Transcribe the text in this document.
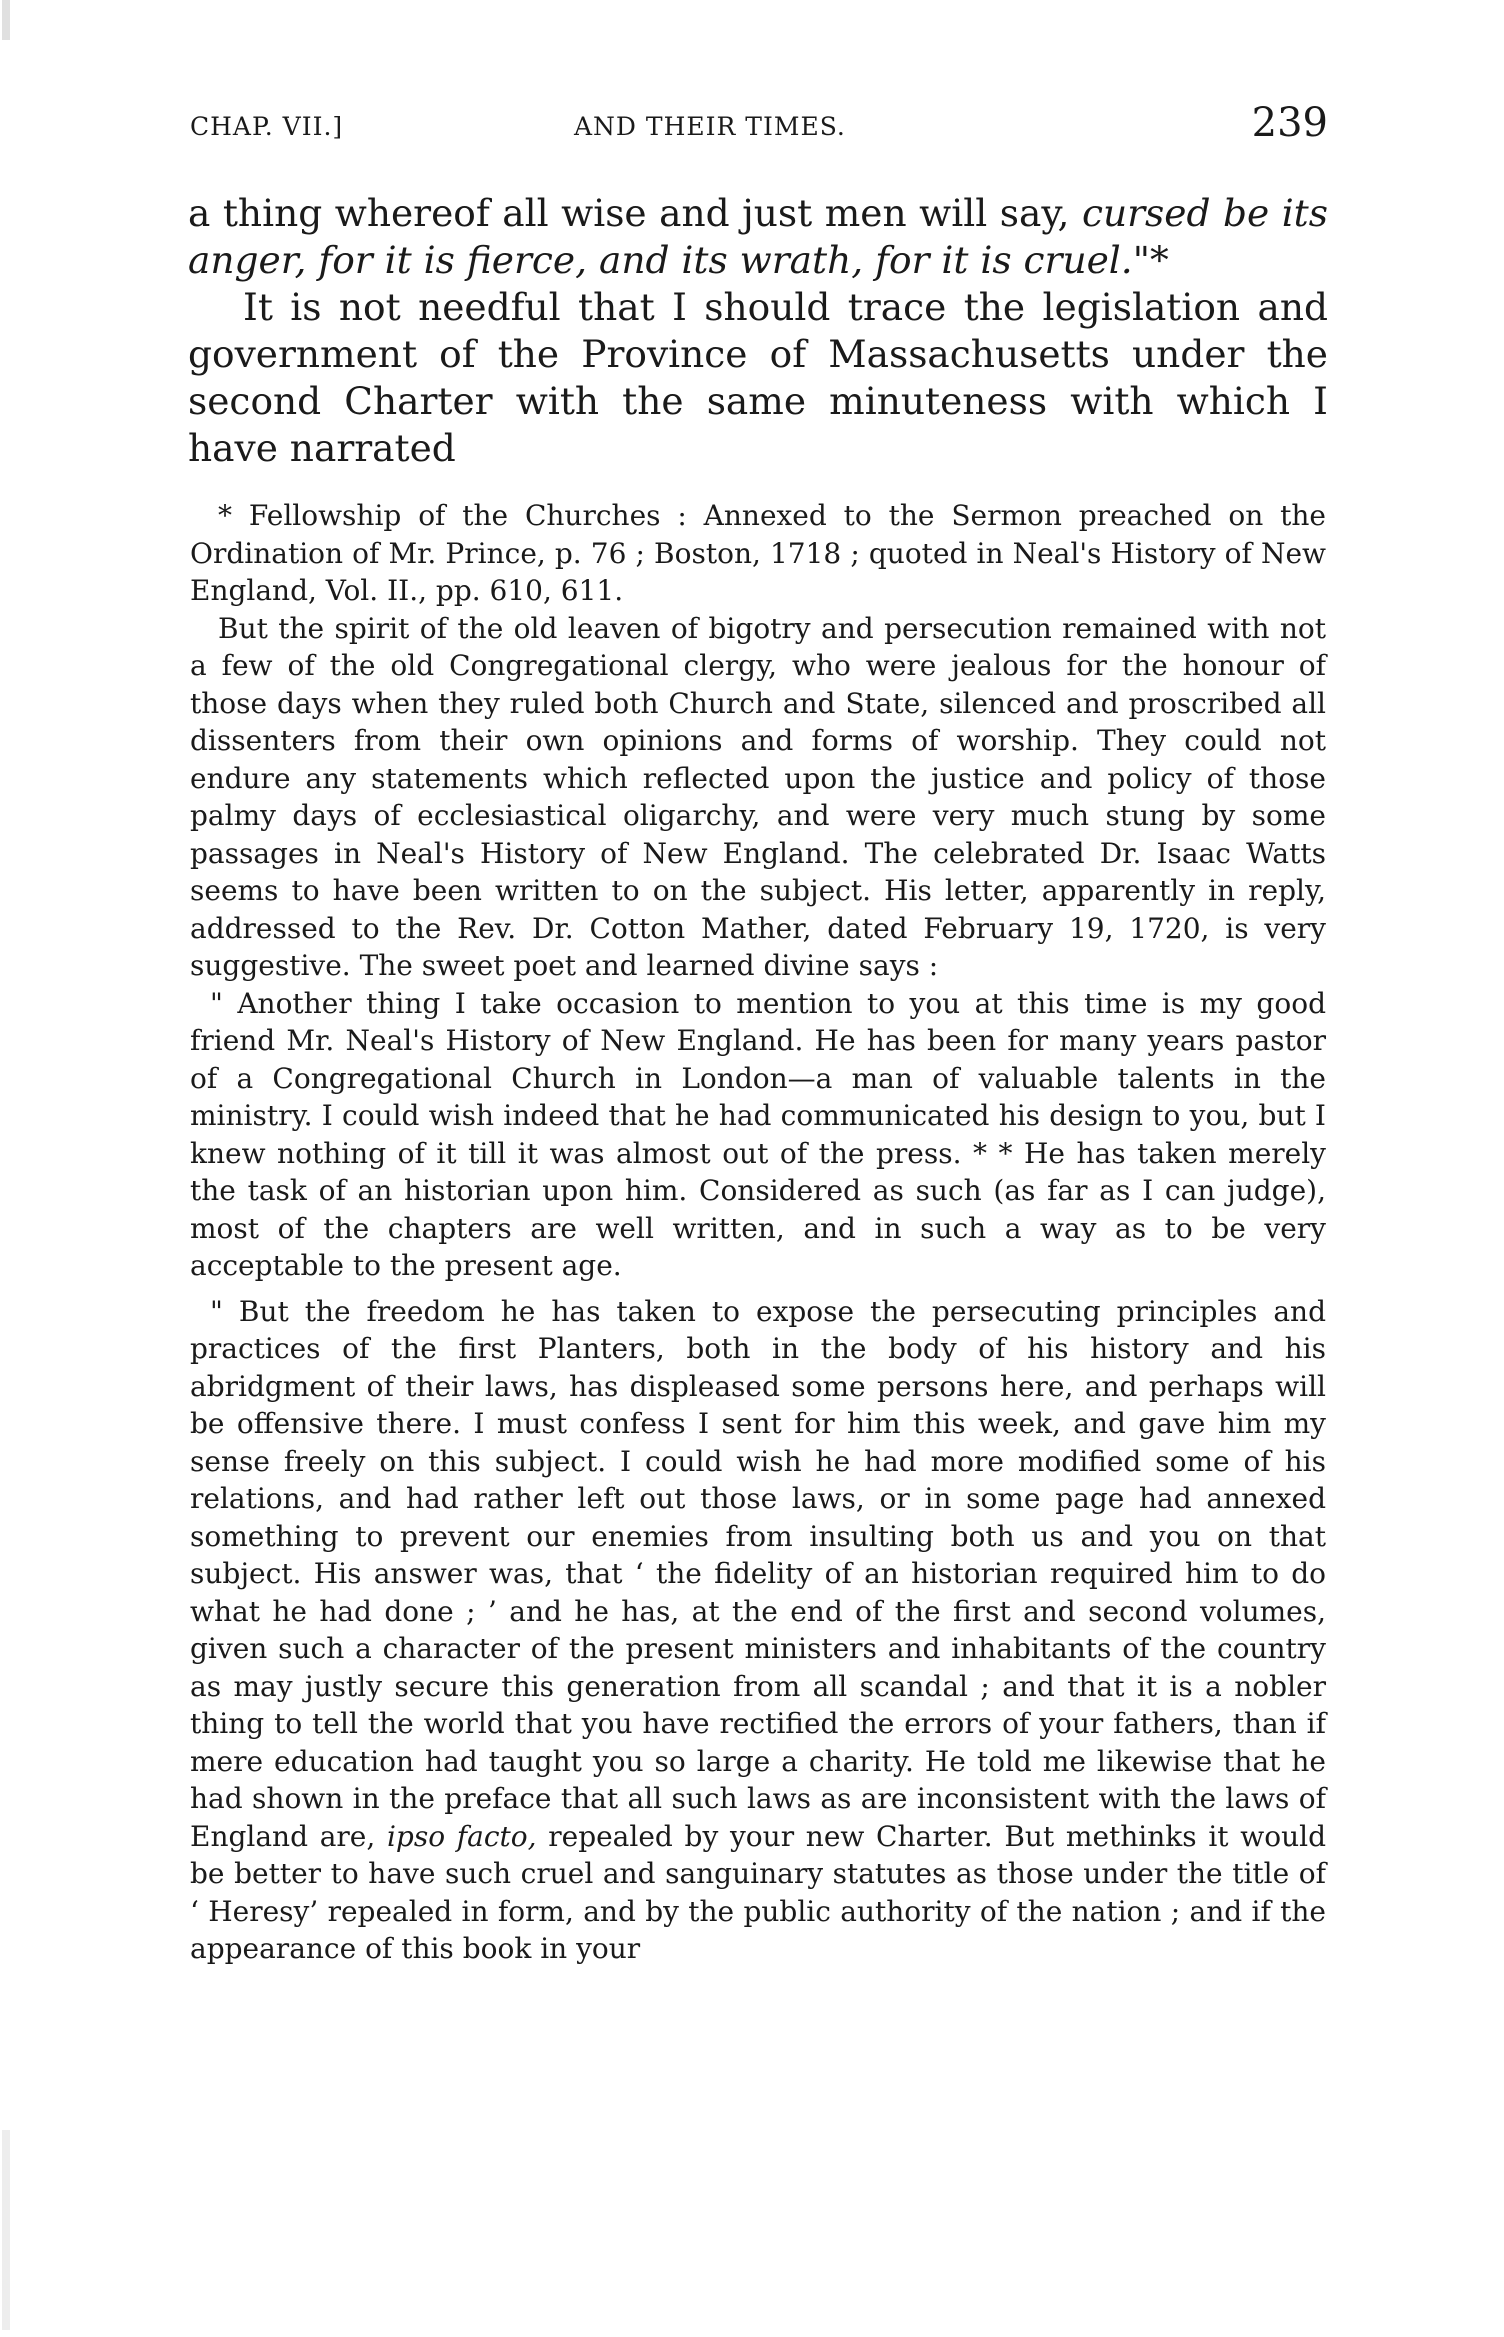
CHAP. VII.]	AND THEIR TIMES.	239

a thing whereof all wise and just men will say, cursed be its anger, for it is fierce, and its wrath, for it is cruel."*

It is not needful that I should trace the legislation and government of the Province of Massachusetts under the second Charter with the same minuteness with which I have narrated

* Fellowship of the Churches : Annexed to the Sermon preached on the Ordination of Mr. Prince, p. 76 ; Boston, 1718 ; quoted in Neal's History of New England, Vol. II., pp. 610, 611.

But the spirit of the old leaven of bigotry and persecution remained with not a few of the old Congregational clergy, who were jealous for the honour of those days when they ruled both Church and State, silenced and proscribed all dissenters from their own opinions and forms of worship. They could not endure any statements which reflected upon the justice and policy of those palmy days of ecclesiastical oligarchy, and were very much stung by some passages in Neal's History of New England. The celebrated Dr. Isaac Watts seems to have been written to on the subject. His letter, apparently in reply, addressed to the Rev. Dr. Cotton Mather, dated February 19, 1720, is very suggestive. The sweet poet and learned divine says :

" Another thing I take occasion to mention to you at this time is my good friend Mr. Neal's History of New England. He has been for many years pastor of a Congregational Church in London—a man of valuable talents in the ministry. I could wish indeed that he had communicated his design to you, but I knew nothing of it till it was almost out of the press. * * He has taken merely the task of an historian upon him. Considered as such (as far as I can judge), most of the chapters are well written, and in such a way as to be very acceptable to the present age.

" But the freedom he has taken to expose the persecuting principles and practices of the first Planters, both in the body of his history and his abridgment of their laws, has displeased some persons here, and perhaps will be offensive there. I must confess I sent for him this week, and gave him my sense freely on this subject. I could wish he had more modified some of his relations, and had rather left out those laws, or in some page had annexed something to prevent our enemies from insulting both us and you on that subject. His answer was, that ‘ the fidelity of an historian required him to do what he had done ; ’ and he has, at the end of the first and second volumes, given such a character of the present ministers and inhabitants of the country as may justly secure this generation from all scandal ; and that it is a nobler thing to tell the world that you have rectified the errors of your fathers, than if mere education had taught you so large a charity. He told me likewise that he had shown in the preface that all such laws as are inconsistent with the laws of England are, ipso facto, repealed by your new Charter. But methinks it would be better to have such cruel and sanguinary statutes as those under the title of ‘ Heresy’ repealed in form, and by the public authority of the nation ; and if the appearance of this book in your
